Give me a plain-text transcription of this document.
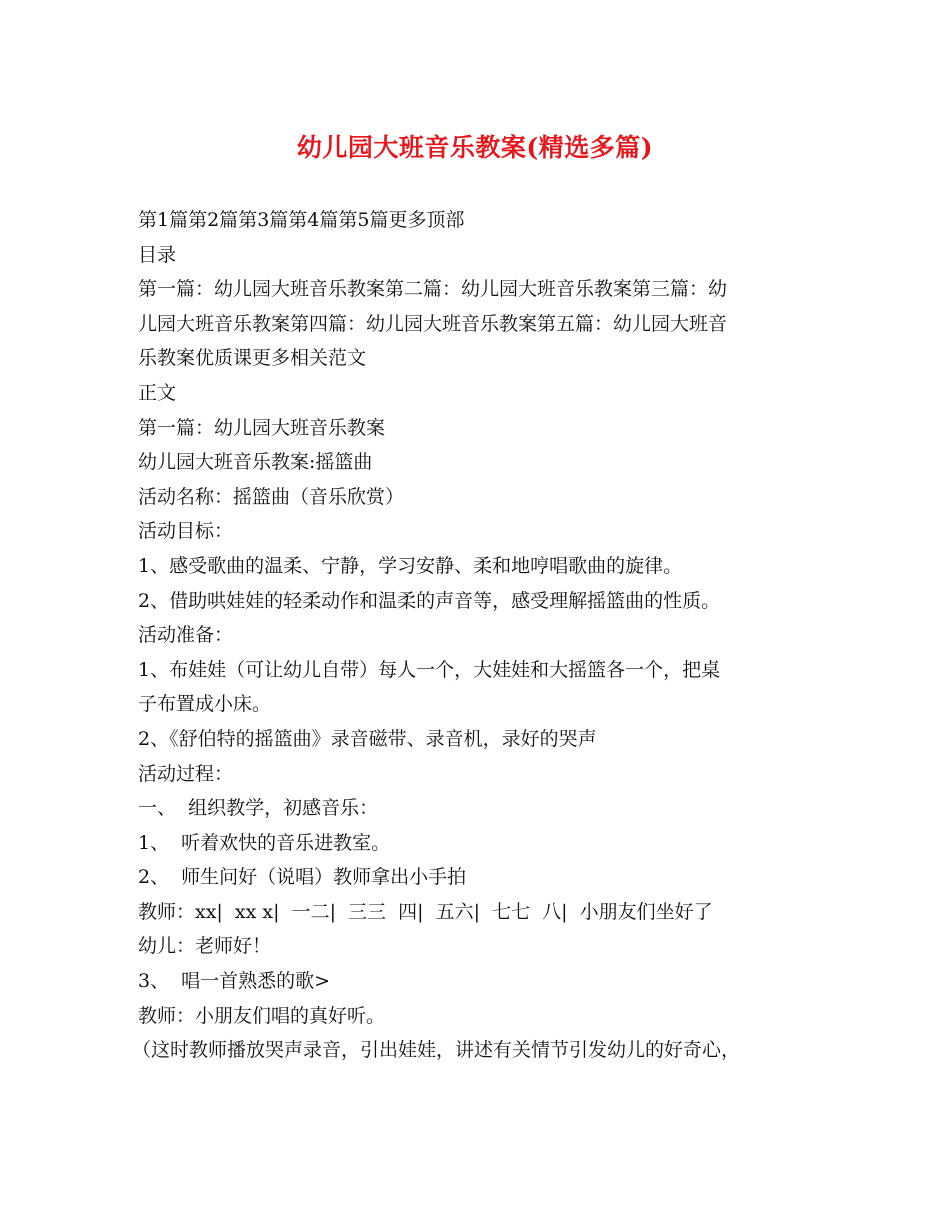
幼儿园大班音乐教案(精选多篇)

第1篇第2篇第3篇第4篇第5篇更多顶部

目录

第一篇：幼儿园大班音乐教案第二篇：幼儿园大班音乐教案第三篇：幼

儿园大班音乐教案第四篇：幼儿园大班音乐教案第五篇：幼儿园大班音

乐教案优质课更多相关范文

正文

第一篇：幼儿园大班音乐教案

幼儿园大班音乐教案:摇篮曲

活动名称：摇篮曲（音乐欣赏）

活动目标：

1、感受歌曲的温柔、宁静，学习安静、柔和地哼唱歌曲的旋律。

2、借助哄娃娃的轻柔动作和温柔的声音等，感受理解摇篮曲的性质。

活动准备：

1、布娃娃（可让幼儿自带）每人一个，大娃娃和大摇篮各一个，把桌

子布置成小床。

2、《舒伯特的摇篮曲》录音磁带、录音机，录好的哭声

活动过程：

一、  组织教学，初感音乐：

1、  听着欢快的音乐进教室。

2、  师生问好（说唱）教师拿出小手拍

教师：xx|  xx x|  一二|  三三  四|  五六|  七七  八|  小朋友们坐好了

幼儿：老师好！

3、  唱一首熟悉的歌>

教师：小朋友们唱的真好听。

（这时教师播放哭声录音，引出娃娃，讲述有关情节引发幼儿的好奇心，
